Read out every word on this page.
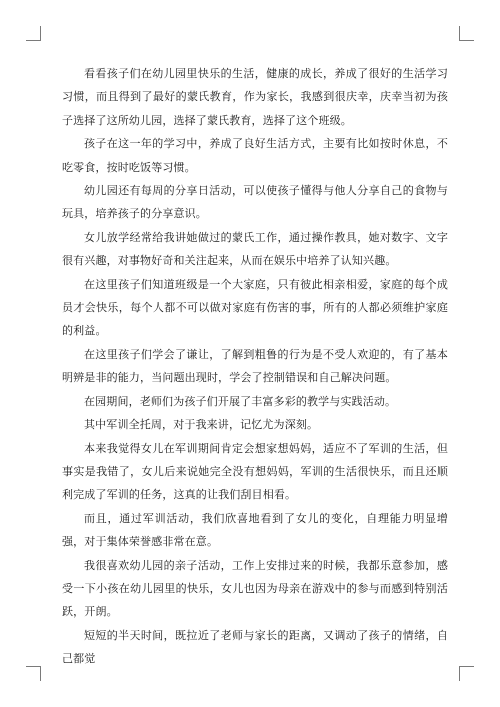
看看孩子们在幼儿园里快乐的生活，健康的成长，养成了很好的生活学习习惯，而且得到了最好的蒙氏教育，作为家长，我感到很庆幸，庆幸当初为孩子选择了这所幼儿园，选择了蒙氏教育，选择了这个班级。

孩子在这一年的学习中，养成了良好生活方式，主要有比如按时休息，不吃零食，按时吃饭等习惯。

幼儿园还有每周的分享日活动，可以使孩子懂得与他人分享自己的食物与玩具，培养孩子的分享意识。

女儿放学经常给我讲她做过的蒙氏工作，通过操作教具，她对数字、文字很有兴趣，对事物好奇和关注起来，从而在娱乐中培养了认知兴趣。

在这里孩子们知道班级是一个大家庭，只有彼此相亲相爱，家庭的每个成员才会快乐，每个人都不可以做对家庭有伤害的事，所有的人都必须维护家庭的利益。

在这里孩子们学会了谦让，了解到粗鲁的行为是不受人欢迎的，有了基本明辨是非的能力，当问题出现时，学会了控制错误和自己解决问题。

在园期间，老师们为孩子们开展了丰富多彩的教学与实践活动。

其中军训全托周，对于我来讲，记忆尤为深刻。

本来我觉得女儿在军训期间肯定会想家想妈妈，适应不了军训的生活，但事实是我错了，女儿后来说她完全没有想妈妈，军训的生活很快乐，而且还顺利完成了军训的任务，这真的让我们刮目相看。

而且，通过军训活动，我们欣喜地看到了女儿的变化，自理能力明显增强，对于集体荣誉感非常在意。

我很喜欢幼儿园的亲子活动，工作上安排过来的时候，我都乐意参加，感受一下小孩在幼儿园里的快乐，女儿也因为母亲在游戏中的参与而感到特别活跃，开朗。

短短的半天时间，既拉近了老师与家长的距离，又调动了孩子的情绪，自己都觉
